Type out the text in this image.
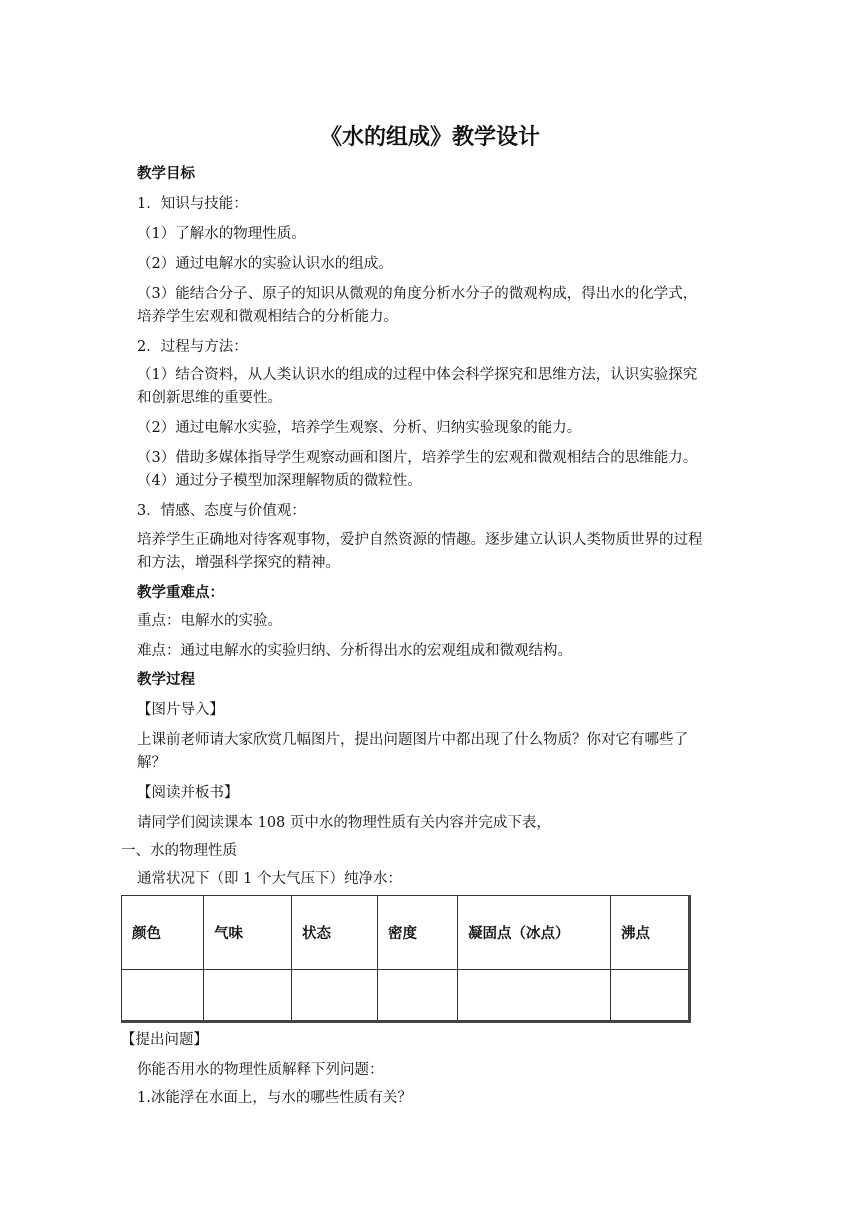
《水的组成》教学设计
教学目标
1．知识与技能：
（1）了解水的物理性质。
（2）通过电解水的实验认识水的组成。
（3）能结合分子、原子的知识从微观的角度分析水分子的微观构成，得出水的化学式，
培养学生宏观和微观相结合的分析能力。
2．过程与方法：
（1）结合资料，从人类认识水的组成的过程中体会科学探究和思维方法，认识实验探究
和创新思维的重要性。
（2）通过电解水实验，培养学生观察、分析、归纳实验现象的能力。
（3）借助多媒体指导学生观察动画和图片，培养学生的宏观和微观相结合的思维能力。
（4）通过分子模型加深理解物质的微粒性。
3．情感、态度与价值观：
培养学生正确地对待客观事物，爱护自然资源的情趣。逐步建立认识人类物质世界的过程
和方法，增强科学探究的精神。
教学重难点：
重点：电解水的实验。
难点：通过电解水的实验归纳、分析得出水的宏观组成和微观结构。
教学过程
【图片导入】
上课前老师请大家欣赏几幅图片，提出问题图片中都出现了什么物质？你对它有哪些了
解？
【阅读并板书】
请同学们阅读课本 108 页中水的物理性质有关内容并完成下表，
一、水的物理性质
通常状况下（即 1 个大气压下）纯净水：
颜色	气味	状态	密度	凝固点（冰点）	沸点

【提出问题】
你能否用水的物理性质解释下列问题：
1.冰能浮在水面上，与水的哪些性质有关？
